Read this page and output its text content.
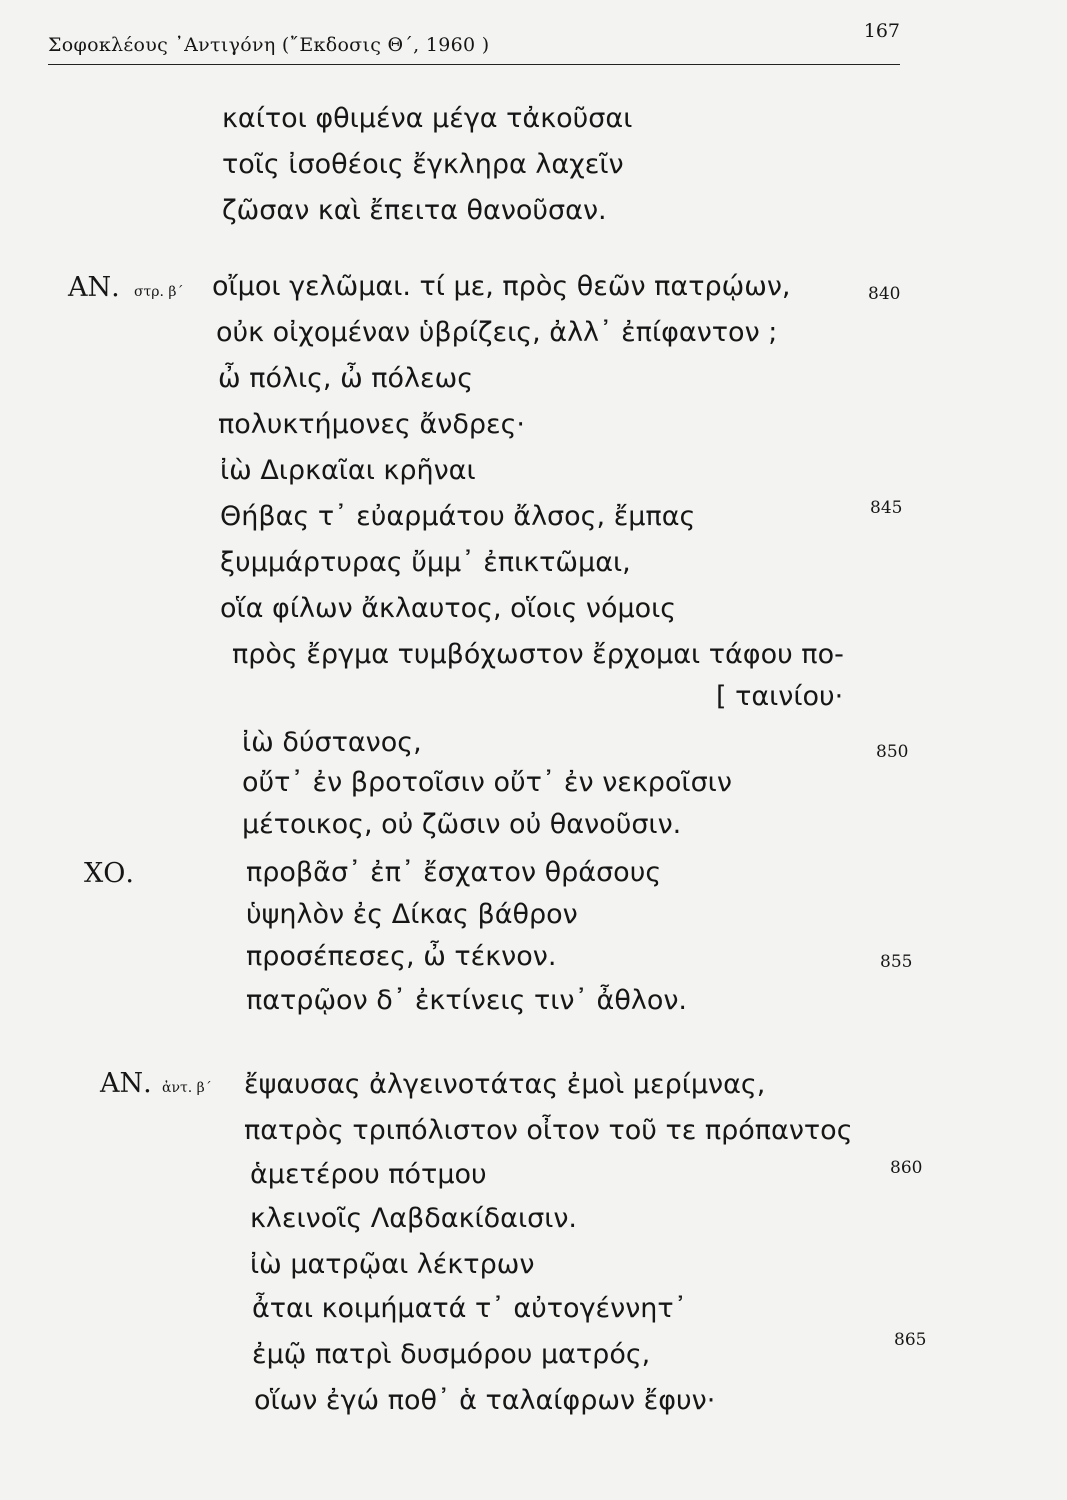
Σοφοκλέους ᾿Αντιγόνη (῎Εκδοσις Θ΄, 1960 )
167
ΑΝ.
ΧΟ.
ΑΝ.
στρ. β΄
ἀντ. β΄
καίτοι φθιμένα μέγα τἀκοῦσαι
τοῖς ἰσοθέοις ἔγκληρα λαχεῖν
ζῶσαν καὶ ἔπειτα θανοῦσαν.
οἴμοι γελῶμαι. τί με, πρὸς θεῶν πατρῴων,
οὐκ οἰχομέναν ὑβρίζεις, ἀλλ᾿ ἐπίφαντον ;
ὦ πόλις, ὦ πόλεως
πολυκτήμονες ἄνδρες·
ἰὼ Διρκαῖαι κρῆναι
Θήβας τ᾿ εὐαρμάτου ἄλσος, ἔμπας
ξυμμάρτυρας ὔμμ᾿ ἐπικτῶμαι,
οἵα φίλων ἄκλαυτος, οἵοις νόμοις
πρὸς ἔργμα τυμβόχωστον ἔρχομαι τάφου πο-
[ ταινίου·
ἰὼ δύστανος,
οὔτ᾿ ἐν βροτοῖσιν οὔτ᾿ ἐν νεκροῖσιν
μέτοικος, οὐ ζῶσιν οὐ θανοῦσιν.
προβᾶσ᾿ ἐπ᾿ ἔσχατον θράσους
ὑψηλὸν ἐς Δίκας βάθρον
προσέπεσες, ὦ τέκνον.
πατρῷον δ᾿ ἐκτίνεις τιν᾿ ἆθλον.
ἔψαυσας ἀλγεινοτάτας ἐμοὶ μερίμνας,
πατρὸς τριπόλιστον οἶτον τοῦ τε πρόπαντος
ἁμετέρου πότμου
κλεινοῖς Λαβδακίδαισιν.
ἰὼ ματρῷαι λέκτρων
ἆται κοιμήματά τ᾿ αὐτογέννητ᾿
ἐμῷ πατρὶ δυσμόρου ματρός,
οἵων ἐγώ ποθ᾿ ἁ ταλαίφρων ἔφυν·
840
845
850
855
860
865
